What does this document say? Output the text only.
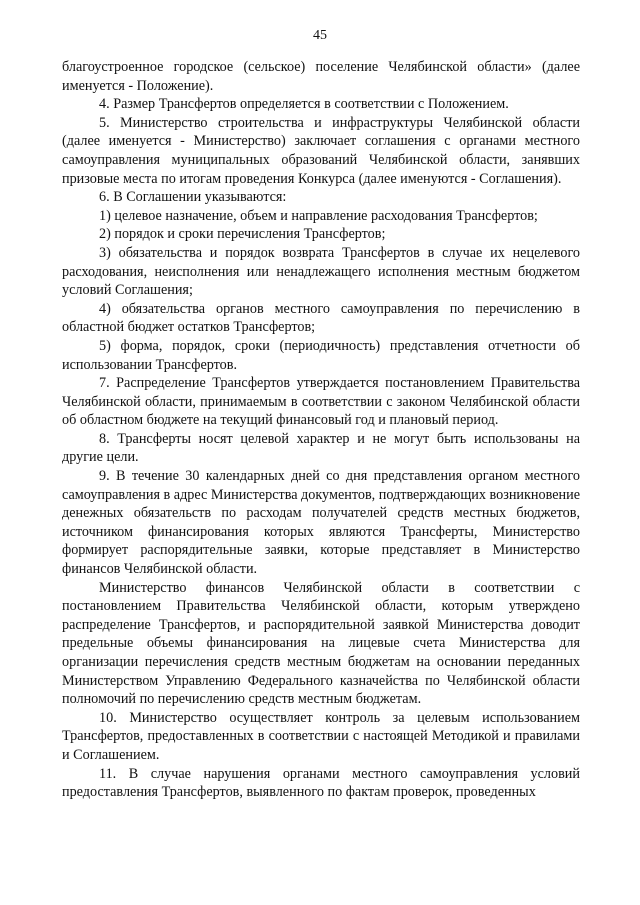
45

благоустроенное городское (сельское) поселение Челябинской области» (далее именуется - Положение).

4. Размер Трансфертов определяется в соответствии с Положением.

5. Министерство строительства и инфраструктуры Челябинской области (далее именуется - Министерство) заключает соглашения с органами местного самоуправления муниципальных образований Челябинской области, занявших призовые места по итогам проведения Конкурса (далее именуются - Соглашения).

6. В Соглашении указываются:

1) целевое назначение, объем и направление расходования Трансфертов;

2) порядок и сроки перечисления Трансфертов;

3) обязательства и порядок возврата Трансфертов в случае их нецелевого расходования, неисполнения или ненадлежащего исполнения местным бюджетом условий Соглашения;

4) обязательства органов местного самоуправления по перечислению в областной бюджет остатков Трансфертов;

5) форма, порядок, сроки (периодичность) представления отчетности об использовании Трансфертов.

7. Распределение Трансфертов утверждается постановлением Правительства Челябинской области, принимаемым в соответствии с законом Челябинской области об областном бюджете на текущий финансовый год и плановый период.

8. Трансферты носят целевой характер и не могут быть использованы на другие цели.

9. В течение 30 календарных дней со дня представления органом местного самоуправления в адрес Министерства документов, подтверждающих возникновение денежных обязательств по расходам получателей средств местных бюджетов, источником финансирования которых являются Трансферты, Министерство формирует распорядительные заявки, которые представляет в Министерство финансов Челябинской области.

Министерство финансов Челябинской области в соответствии с постановлением Правительства Челябинской области, которым утверждено распределение Трансфертов, и распорядительной заявкой Министерства доводит предельные объемы финансирования на лицевые счета Министерства для организации перечисления средств местным бюджетам на основании переданных Министерством Управлению Федерального казначейства по Челябинской области полномочий по перечислению средств местным бюджетам.

10. Министерство осуществляет контроль за целевым использованием Трансфертов, предоставленных в соответствии с настоящей Методикой и правилами и Соглашением.

11. В случае нарушения органами местного самоуправления условий предоставления Трансфертов, выявленного по фактам проверок, проведенных
